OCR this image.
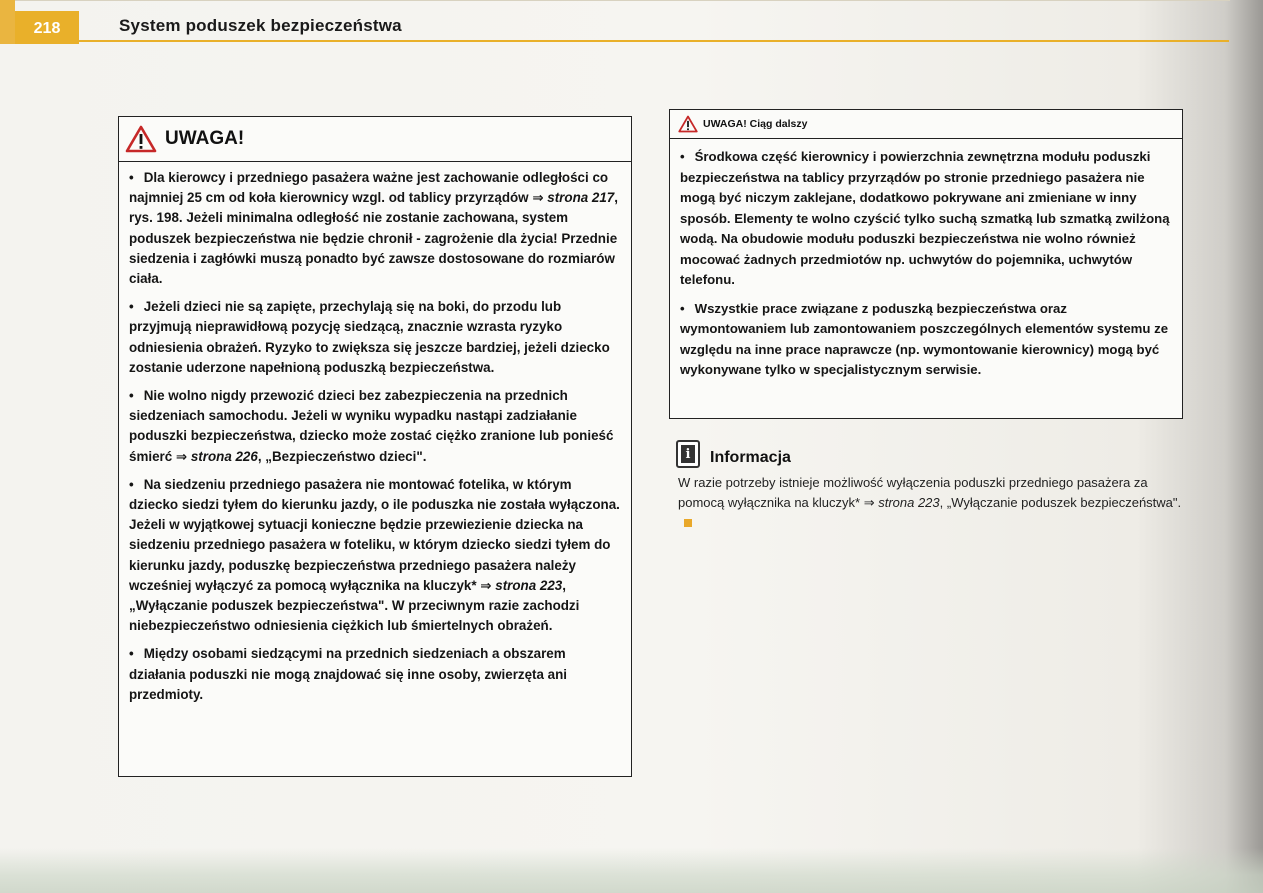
218	System poduszek bezpieczeństwa
UWAGA!

• Dla kierowcy i przedniego pasażera ważne jest zachowanie odległości co najmniej 25 cm od koła kierownicy wzgl. od tablicy przyrządów ⇒ strona 217, rys. 198. Jeżeli minimalna odległość nie zostanie zachowana, system poduszek bezpieczeństwa nie będzie chronił - zagrożenie dla życia! Przednie siedzenia i zagłówki muszą ponadto być zawsze dostosowane do rozmiarów ciała.

• Jeżeli dzieci nie są zapięte, przechylają się na boki, do przodu lub przyjmują nieprawidłową pozycję siedzącą, znacznie wzrasta ryzyko odniesienia obrażeń. Ryzyko to zwiększa się jeszcze bardziej, jeżeli dziecko zostanie uderzone napełnioną poduszką bezpieczeństwa.

• Nie wolno nigdy przewozić dzieci bez zabezpieczenia na przednich siedzeniach samochodu. Jeżeli w wyniku wypadku nastąpi zadziałanie poduszki bezpieczeństwa, dziecko może zostać ciężko zranione lub ponieść śmierć ⇒ strona 226, „Bezpieczeństwo dzieci".

• Na siedzeniu przedniego pasażera nie montować fotelika, w którym dziecko siedzi tyłem do kierunku jazdy, o ile poduszka nie została wyłączona. Jeżeli w wyjątkowej sytuacji konieczne będzie przewiezienie dziecka na siedzeniu przedniego pasażera w foteliku, w którym dziecko siedzi tyłem do kierunku jazdy, poduszkę bezpieczeństwa przedniego pasażera należy wcześniej wyłączyć za pomocą wyłącznika na kluczyk* ⇒ strona 223, „Wyłączanie poduszek bezpieczeństwa". W przeciwnym razie zachodzi niebezpieczeństwo odniesienia ciężkich lub śmiertelnych obrażeń.

• Między osobami siedzącymi na przednich siedzeniach a obszarem działania poduszki nie mogą znajdować się inne osoby, zwierzęta ani przedmioty.

UWAGA! Ciąg dalszy

• Środkowa część kierownicy i powierzchnia zewnętrzna modułu poduszki bezpieczeństwa na tablicy przyrządów po stronie przedniego pasażera nie mogą być niczym zaklejane, dodatkowo pokrywane ani zmieniane w inny sposób. Elementy te wolno czyścić tylko suchą szmatką lub szmatką zwilżoną wodą. Na obudowie modułu poduszki bezpieczeństwa nie wolno również mocować żadnych przedmiotów np. uchwytów do pojemnika, uchwytów telefonu.

• Wszystkie prace związane z poduszką bezpieczeństwa oraz wymontowaniem lub zamontowaniem poszczególnych elementów systemu ze względu na inne prace naprawcze (np. wymontowanie kierownicy) mogą być wykonywane tylko w specjalistycznym serwisie.

i Informacja
W razie potrzeby istnieje możliwość wyłączenia poduszki przedniego pasażera za pomocą wyłącznika na kluczyk* ⇒ strona 223, „Wyłączanie poduszek bezpieczeństwa".
